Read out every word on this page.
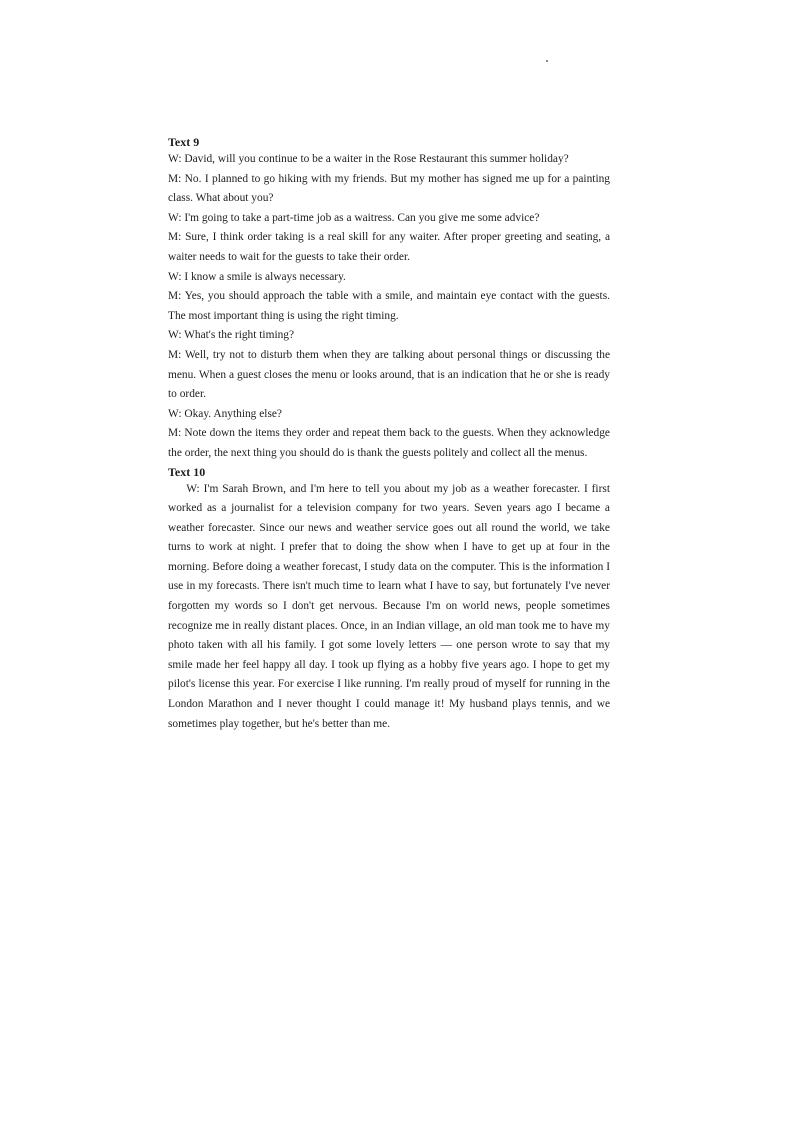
Text 9

W: David, will you continue to be a waiter in the Rose Restaurant this summer holiday?

M: No. I planned to go hiking with my friends. But my mother has signed me up for a painting class. What about you?

W: I'm going to take a part-time job as a waitress. Can you give me some advice?

M: Sure, I think order taking is a real skill for any waiter. After proper greeting and seating, a waiter needs to wait for the guests to take their order.

W: I know a smile is always necessary.

M: Yes, you should approach the table with a smile, and maintain eye contact with the guests. The most important thing is using the right timing.

W: What's the right timing?

M: Well, try not to disturb them when they are talking about personal things or discussing the menu. When a guest closes the menu or looks around, that is an indication that he or she is ready to order.

W: Okay. Anything else?

M: Note down the items they order and repeat them back to the guests. When they acknowledge the order, the next thing you should do is thank the guests politely and collect all the menus.

Text 10

W: I'm Sarah Brown, and I'm here to tell you about my job as a weather forecaster. I first worked as a journalist for a television company for two years. Seven years ago I became a weather forecaster. Since our news and weather service goes out all round the world, we take turns to work at night. I prefer that to doing the show when I have to get up at four in the morning. Before doing a weather forecast, I study data on the computer. This is the information I use in my forecasts. There isn't much time to learn what I have to say, but fortunately I've never forgotten my words so I don't get nervous. Because I'm on world news, people sometimes recognize me in really distant places. Once, in an Indian village, an old man took me to have my photo taken with all his family. I got some lovely letters — one person wrote to say that my smile made her feel happy all day. I took up flying as a hobby five years ago. I hope to get my pilot's license this year. For exercise I like running. I'm really proud of myself for running in the London Marathon and I never thought I could manage it! My husband plays tennis, and we sometimes play together, but he's better than me.
